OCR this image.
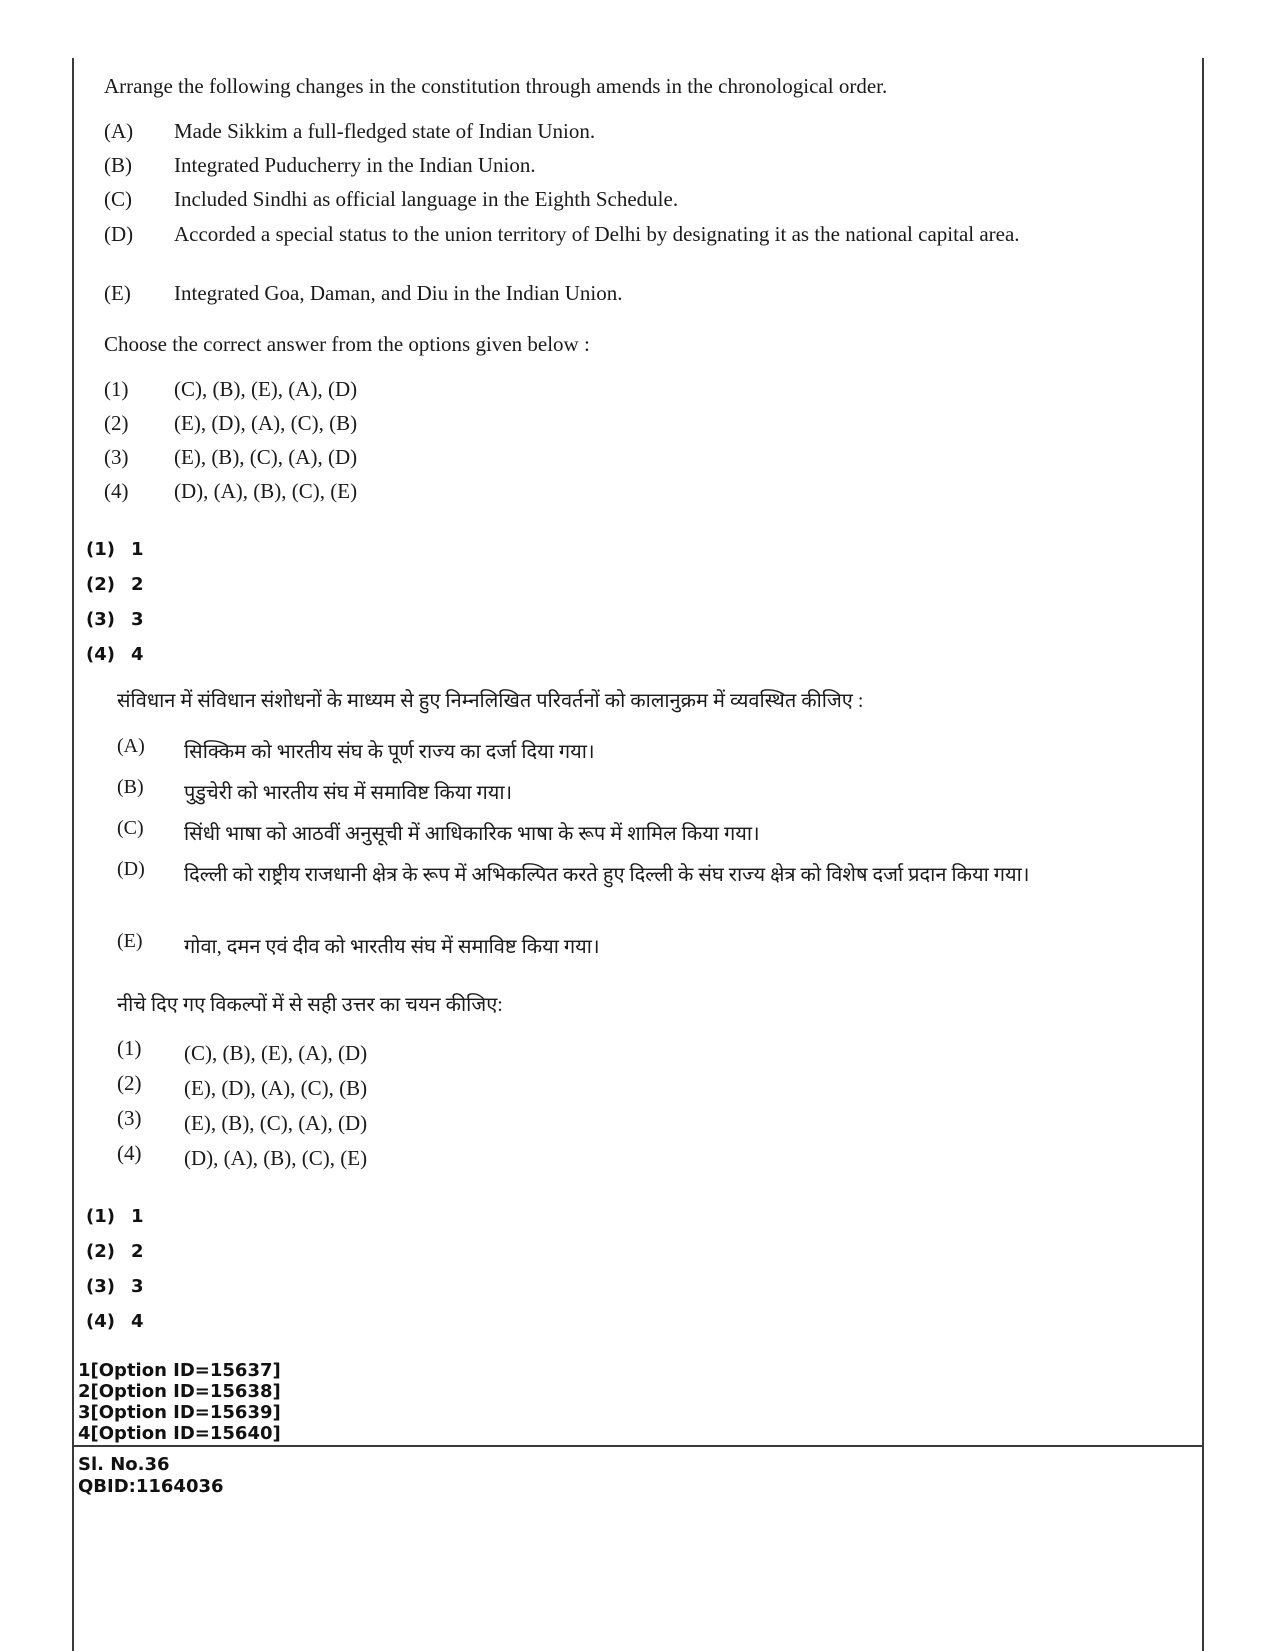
Arrange the following changes in the constitution through amends in the chronological order.

(A)	Made Sikkim a full-fledged state of Indian Union.
(B)	Integrated Puducherry in the Indian Union.
(C)	Included Sindhi as official language in the Eighth Schedule.
(D)	Accorded a special status to the union territory of Delhi by designating it as the national capital area.
(E)	Integrated Goa, Daman, and Diu in the Indian Union.

Choose the correct answer from the options given below :

(1)	(C), (B), (E), (A), (D)
(2)	(E), (D), (A), (C), (B)
(3)	(E), (B), (C), (A), (D)
(4)	(D), (A), (B), (C), (E)
(1) 1
(2) 2
(3) 3
(4) 4

संविधान में संविधान संशोधनों के माध्यम से हुए निम्नलिखित परिवर्तनों को कालानुक्रम में व्यवस्थित कीजिए :

(A)	सिक्किम को भारतीय संघ के पूर्ण राज्य का दर्जा दिया गया।
(B)	पुडुचेरी को भारतीय संघ में समाविष्ट किया गया।
(C)	सिंधी भाषा को आठवीं अनुसूची में आधिकारिक भाषा के रूप में शामिल किया गया।
(D)	दिल्ली को राष्ट्रीय राजधानी क्षेत्र के रूप में अभिकल्पित करते हुए दिल्ली के संघ राज्य क्षेत्र को विशेष दर्जा प्रदान किया गया।
(E)	गोवा, दमन एवं दीव को भारतीय संघ में समाविष्ट किया गया।

नीचे दिए गए विकल्पों में से सही उत्तर का चयन कीजिए:

(1)	(C), (B), (E), (A), (D)
(2)	(E), (D), (A), (C), (B)
(3)	(E), (B), (C), (A), (D)
(4)	(D), (A), (B), (C), (E)
(1) 1
(2) 2
(3) 3
(4) 4
1[Option ID=15637]
2[Option ID=15638]
3[Option ID=15639]
4[Option ID=15640]
Sl. No.36
QBID:1164036
